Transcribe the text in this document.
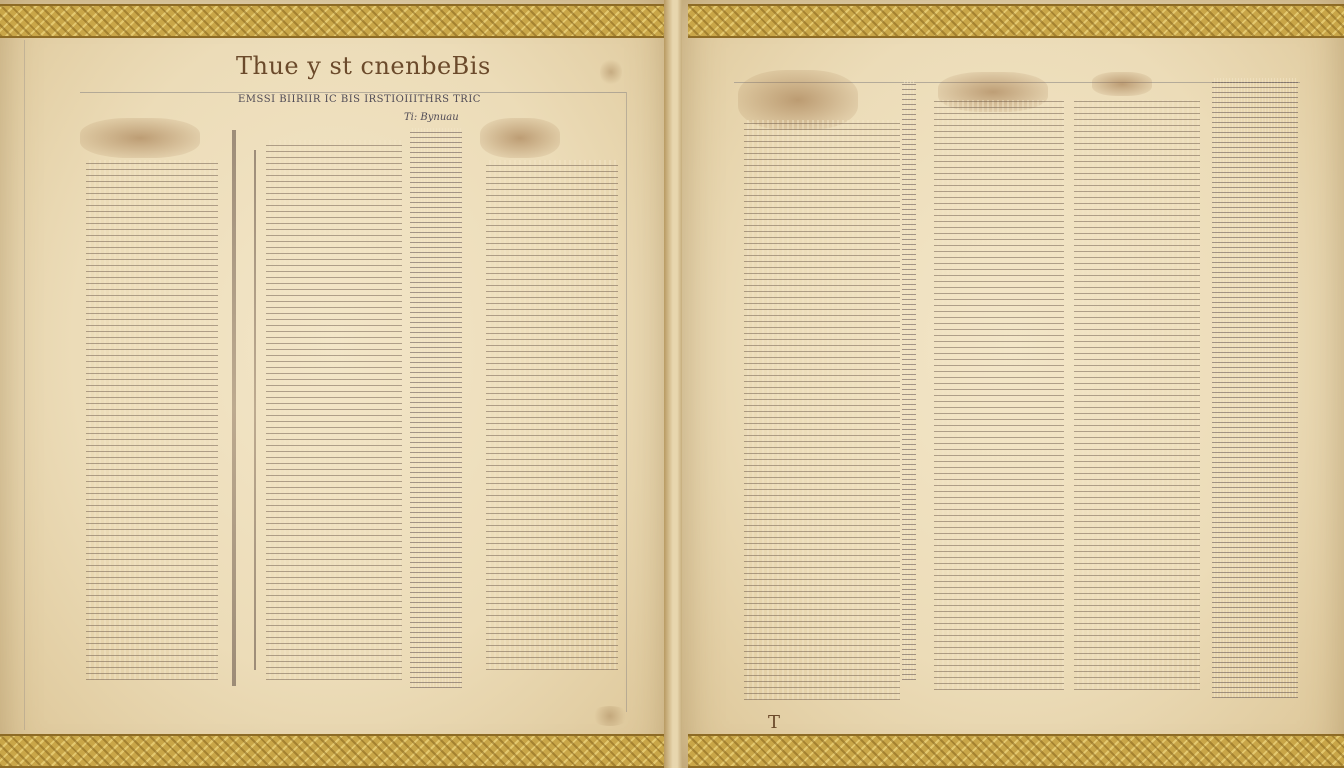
Thue y st cnenbeBis
EMSSI BIIRIIR IC BIS IRSTIOIIITHRS TRIC
Ti: Bynuau
T
